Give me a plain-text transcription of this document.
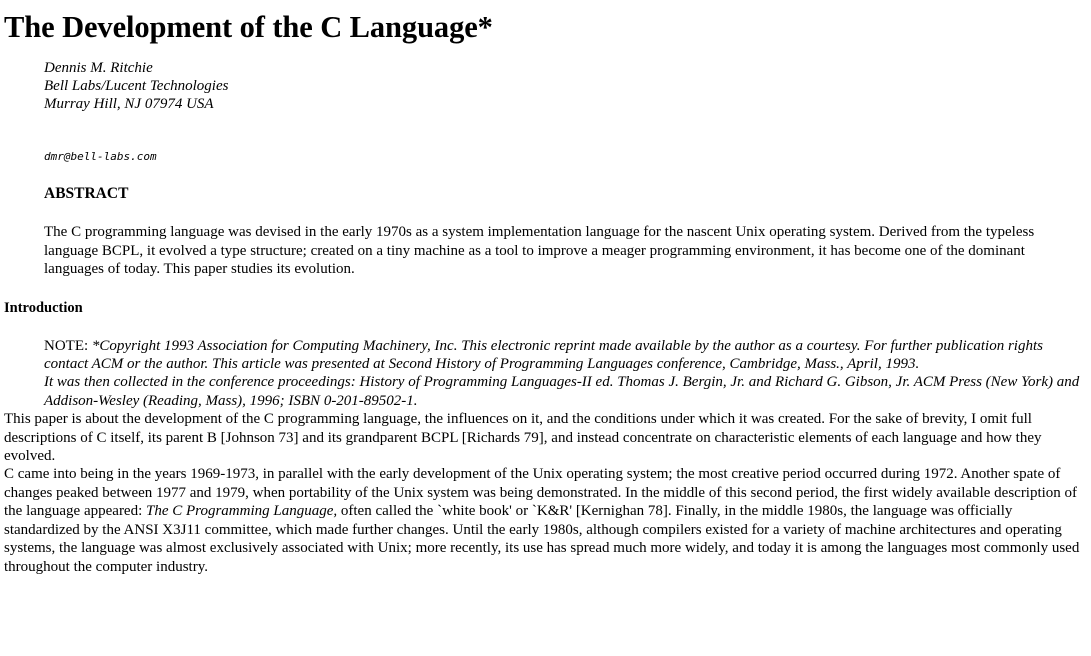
The Development of the C Language*
Dennis M. Ritchie
Bell Labs/Lucent Technologies
Murray Hill, NJ 07974 USA
dmr@bell-labs.com
ABSTRACT
The C programming language was devised in the early 1970s as a system implementation language for the nascent Unix operating system. Derived from the typeless language BCPL, it evolved a type structure; created on a tiny machine as a tool to improve a meager programming environment, it has become one of the dominant languages of today. This paper studies its evolution.
Introduction
NOTE: *Copyright 1993 Association for Computing Machinery, Inc. This electronic reprint made available by the author as a courtesy. For further publication rights contact ACM or the author. This article was presented at Second History of Programming Languages conference, Cambridge, Mass., April, 1993.
It was then collected in the conference proceedings: History of Programming Languages-II ed. Thomas J. Bergin, Jr. and Richard G. Gibson, Jr. ACM Press (New York) and Addison-Wesley (Reading, Mass), 1996; ISBN 0-201-89502-1.

This paper is about the development of the C programming language, the influences on it, and the conditions under which it was created. For the sake of brevity, I omit full descriptions of C itself, its parent B [Johnson 73] and its grandparent BCPL [Richards 79], and instead concentrate on characteristic elements of each language and how they evolved.

C came into being in the years 1969-1973, in parallel with the early development of the Unix operating system; the most creative period occurred during 1972. Another spate of changes peaked between 1977 and 1979, when portability of the Unix system was being demonstrated. In the middle of this second period, the first widely available description of the language appeared: The C Programming Language, often called the `white book' or `K&R' [Kernighan 78]. Finally, in the middle 1980s, the language was officially standardized by the ANSI X3J11 committee, which made further changes. Until the early 1980s, although compilers existed for a variety of machine architectures and operating systems, the language was almost exclusively associated with Unix; more recently, its use has spread much more widely, and today it is among the languages most commonly used throughout the computer industry.
